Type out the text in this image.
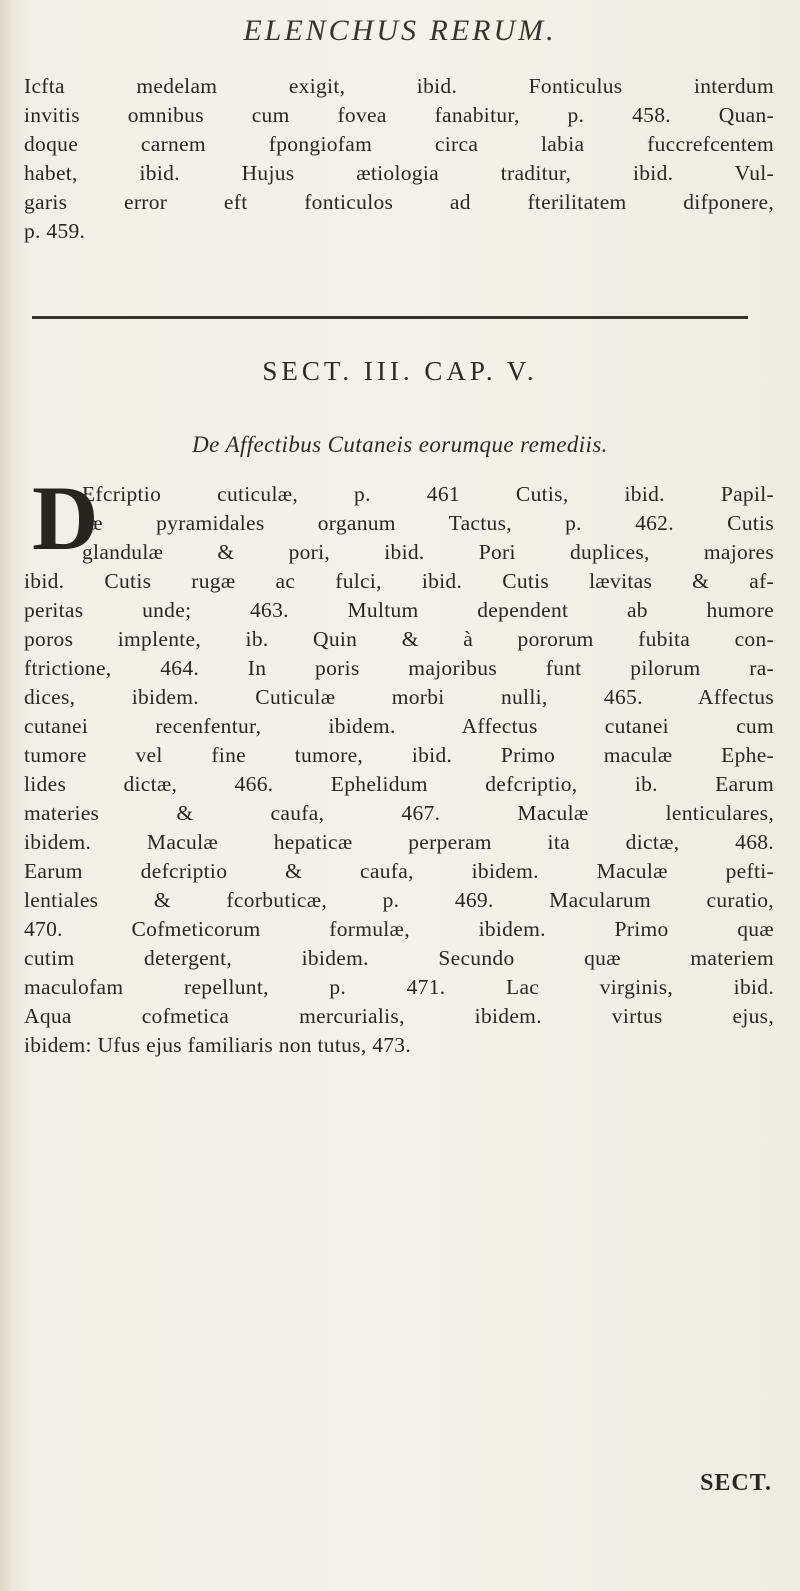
ELENCHUS RERUM.
Icfta medelam exigit, ibid. Fonticulus interdum
invitis omnibus cum fovea fanabitur, p. 458. Quan-
doque carnem fpongiofam circa labia fuccrefcentem
habet, ibid. Hujus ætiologia traditur, ibid. Vul-
garis error eft fonticulos ad fterilitatem difponere,
p. 459.
SECT. III. CAP. V.
De Affectibus Cutaneis eorumque remediis.
D
Efcriptio cuticulæ, p. 461 Cutis, ibid. Papil-
læ pyramidales organum Tactus, p. 462. Cutis
glandulæ & pori, ibid. Pori duplices, majores
ibid. Cutis rugæ ac fulci, ibid. Cutis lævitas & af-
peritas unde; 463. Multum dependent ab humore
poros implente, ib. Quin & à pororum fubita con-
ftrictione, 464. In poris majoribus funt pilorum ra-
dices, ibidem. Cuticulæ morbi nulli, 465. Affectus
cutanei recenfentur, ibidem. Affectus cutanei cum
tumore vel fine tumore, ibid. Primo maculæ Ephe-
lides dictæ, 466. Ephelidum defcriptio, ib. Earum
materies & caufa, 467. Maculæ lenticulares,
ibidem. Maculæ hepaticæ perperam ita dictæ, 468.
Earum defcriptio & caufa, ibidem. Maculæ pefti-
lentiales & fcorbuticæ, p. 469. Macularum curatio,
470. Cofmeticorum formulæ, ibidem. Primo quæ
cutim detergent, ibidem. Secundo quæ materiem
maculofam repellunt, p. 471. Lac virginis, ibid.
Aqua cofmetica mercurialis, ibidem. virtus ejus,
ibidem: Ufus ejus familiaris non tutus, 473.
SECT.
